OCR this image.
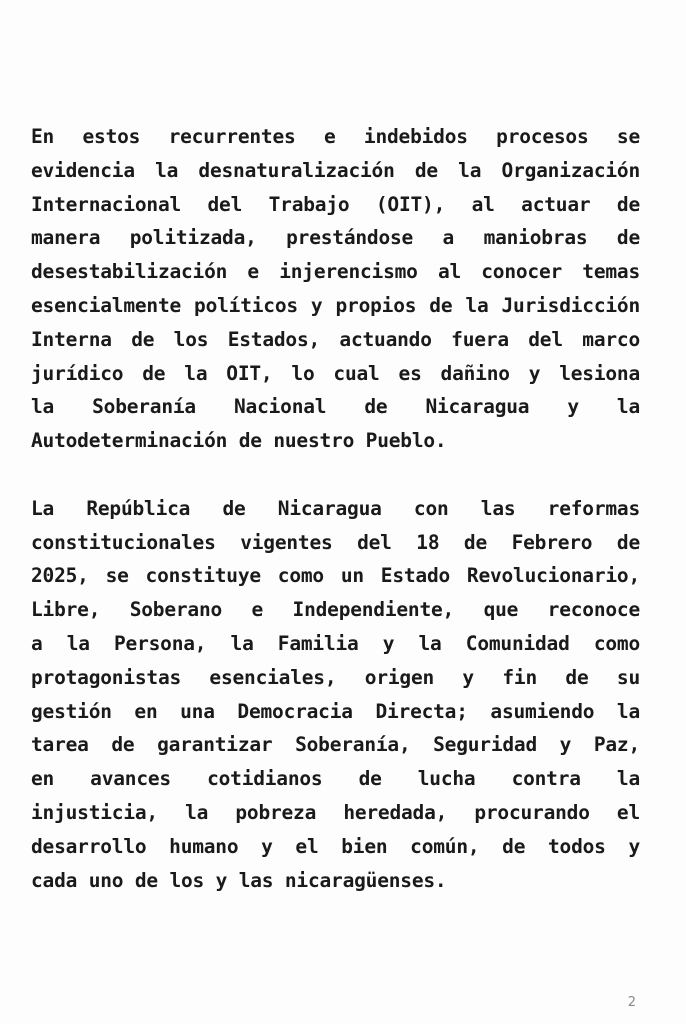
En estos recurrentes e indebidos procesos se
evidencia la desnaturalización de la Organización
Internacional del Trabajo (OIT), al actuar de
manera politizada, prestándose a maniobras de
desestabilización e injerencismo al conocer temas
esencialmente políticos y propios de la Jurisdicción
Interna de los Estados, actuando fuera del marco
jurídico de la OIT, lo cual es dañino y lesiona
la Soberanía Nacional de Nicaragua y la
Autodeterminación de nuestro Pueblo.

La República de Nicaragua con las reformas
constitucionales vigentes del 18 de Febrero de
2025, se constituye como un Estado Revolucionario,
Libre, Soberano e Independiente, que reconoce
a la Persona, la Familia y la Comunidad como
protagonistas esenciales, origen y fin de su
gestión en una Democracia Directa; asumiendo la
tarea de garantizar Soberanía, Seguridad y Paz,
en avances cotidianos de lucha contra la
injusticia, la pobreza heredada, procurando el
desarrollo humano y el bien común, de todos y
cada uno de los y las nicaragüenses.

2
